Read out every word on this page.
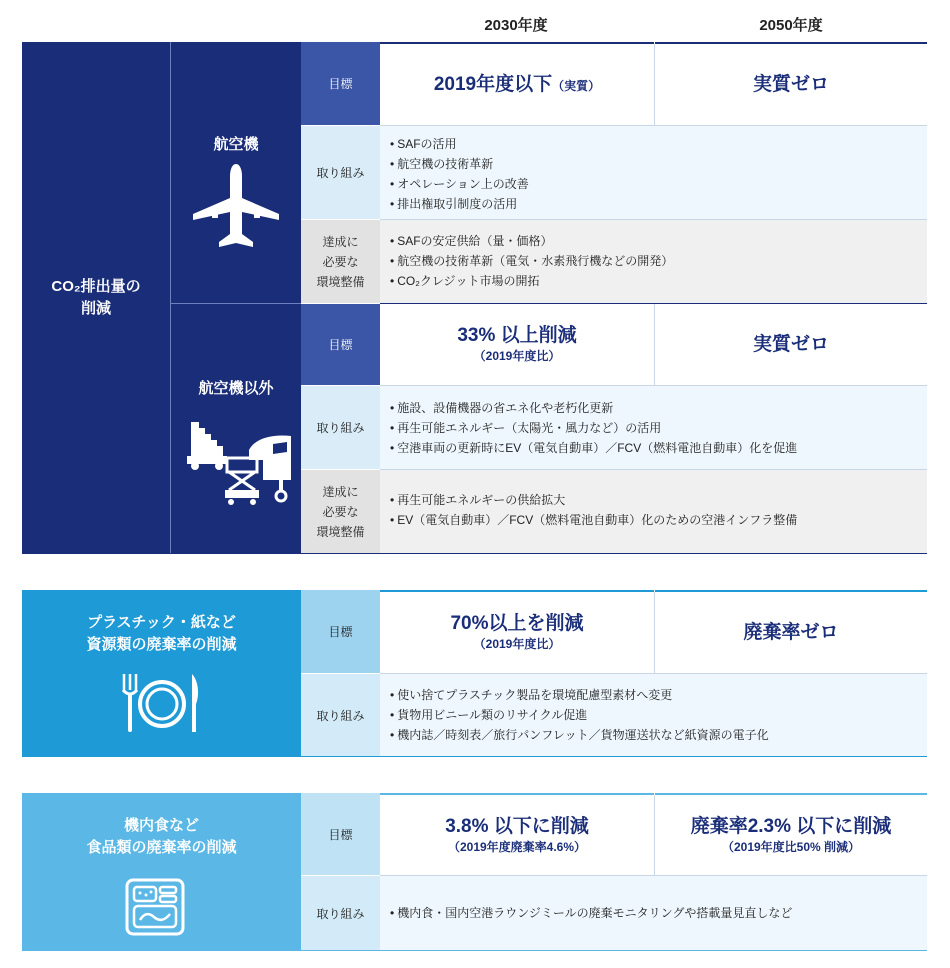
2030年度	2050年度
CO₂排出量の
削減
航空機
航空機以外
目標
取り組み
達成に
必要な
環境整備
目標
取り組み
達成に
必要な
環境整備
2019年度以下（実質）	実質ゼロ
• SAFの活用
• 航空機の技術革新
• オペレーション上の改善
• 排出権取引制度の活用
• SAFの安定供給（量・価格）
• 航空機の技術革新（電気・水素飛行機などの開発）
• CO₂クレジット市場の開拓
33% 以上削減
（2019年度比）
実質ゼロ
• 施設、設備機器の省エネ化や老朽化更新
• 再生可能エネルギー（太陽光・風力など）の活用
• 空港車両の更新時にEV（電気自動車）／FCV（燃料電池自動車）化を促進
• 再生可能エネルギーの供給拡大
• EV（電気自動車）／FCV（燃料電池自動車）化のための空港インフラ整備
プラスチック・紙など
資源類の廃棄率の削減
目標
取り組み
70%以上を削減
（2019年度比）
廃棄率ゼロ
• 使い捨てプラスチック製品を環境配慮型素材へ変更
• 貨物用ビニール類のリサイクル促進
• 機内誌／時刻表／旅行パンフレット／貨物運送状など紙資源の電子化
機内食など
食品類の廃棄率の削減
目標
取り組み
3.8% 以下に削減
（2019年度廃棄率4.6%）
廃棄率2.3% 以下に削減
（2019年度比50% 削減）
• 機内食・国内空港ラウンジミールの廃棄モニタリングや搭載量見直しなど
